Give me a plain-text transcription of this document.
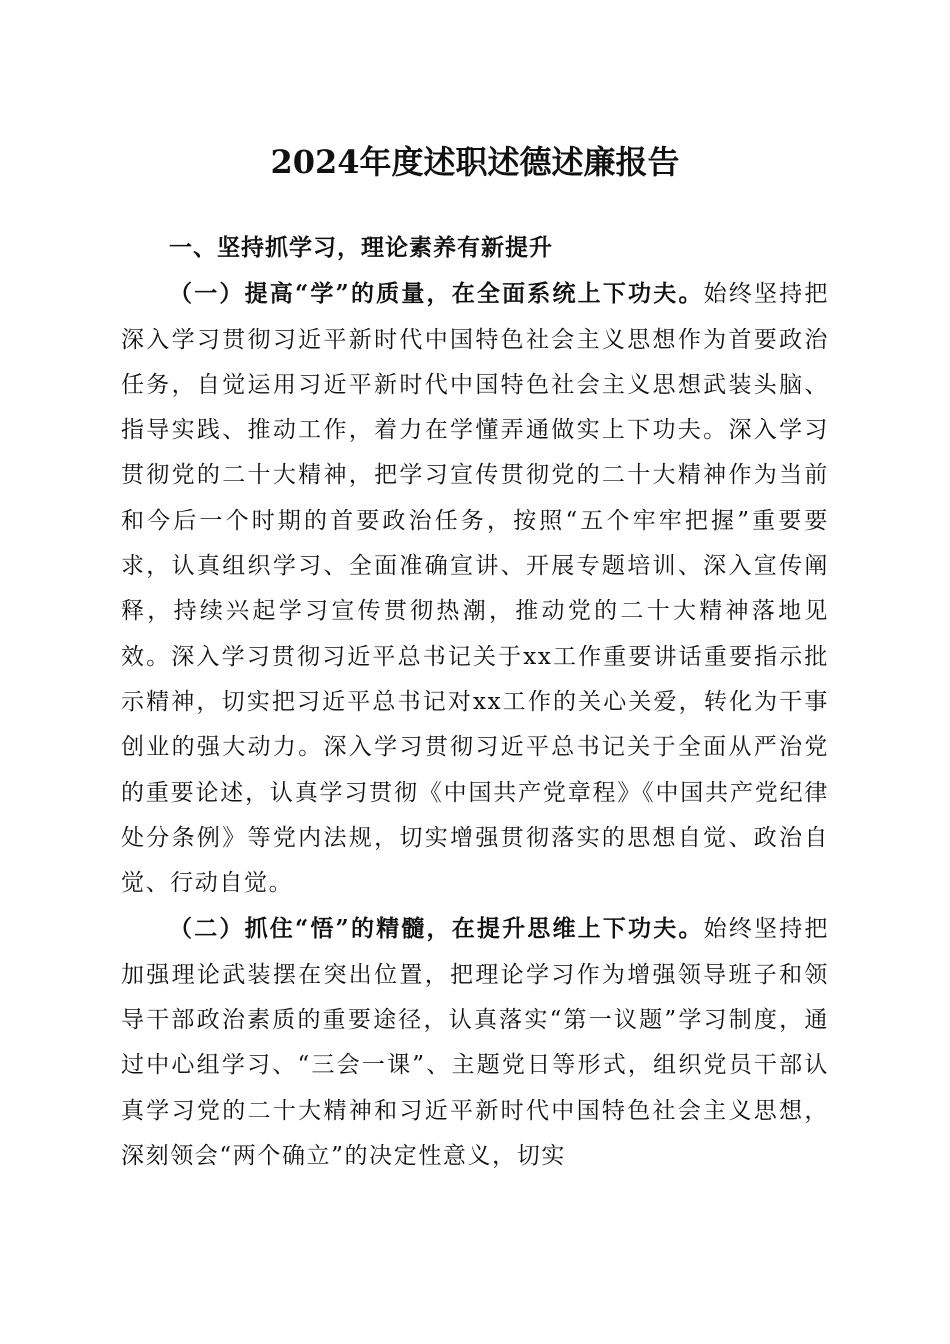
2024年度述职述德述廉报告

一、坚持抓学习，理论素养有新提升

（一）提高“学”的质量，在全面系统上下功夫。始终坚持把深入学习贯彻习近平新时代中国特色社会主义思想作为首要政治任务，自觉运用习近平新时代中国特色社会主义思想武装头脑、指导实践、推动工作，着力在学懂弄通做实上下功夫。深入学习贯彻党的二十大精神，把学习宣传贯彻党的二十大精神作为当前和今后一个时期的首要政治任务，按照“五个牢牢把握”重要要求，认真组织学习、全面准确宣讲、开展专题培训、深入宣传阐释，持续兴起学习宣传贯彻热潮，推动党的二十大精神落地见效。深入学习贯彻习近平总书记关于xx工作重要讲话重要指示批示精神，切实把习近平总书记对xx工作的关心关爱，转化为干事创业的强大动力。深入学习贯彻习近平总书记关于全面从严治党的重要论述，认真学习贯彻《中国共产党章程》《中国共产党纪律处分条例》等党内法规，切实增强贯彻落实的思想自觉、政治自觉、行动自觉。

（二）抓住“悟”的精髓，在提升思维上下功夫。始终坚持把加强理论武装摆在突出位置，把理论学习作为增强领导班子和领导干部政治素质的重要途径，认真落实“第一议题”学习制度，通过中心组学习、“三会一课”、主题党日等形式，组织党员干部认真学习党的二十大精神和习近平新时代中国特色社会主义思想，深刻领会“两个确立”的决定性意义，切实
